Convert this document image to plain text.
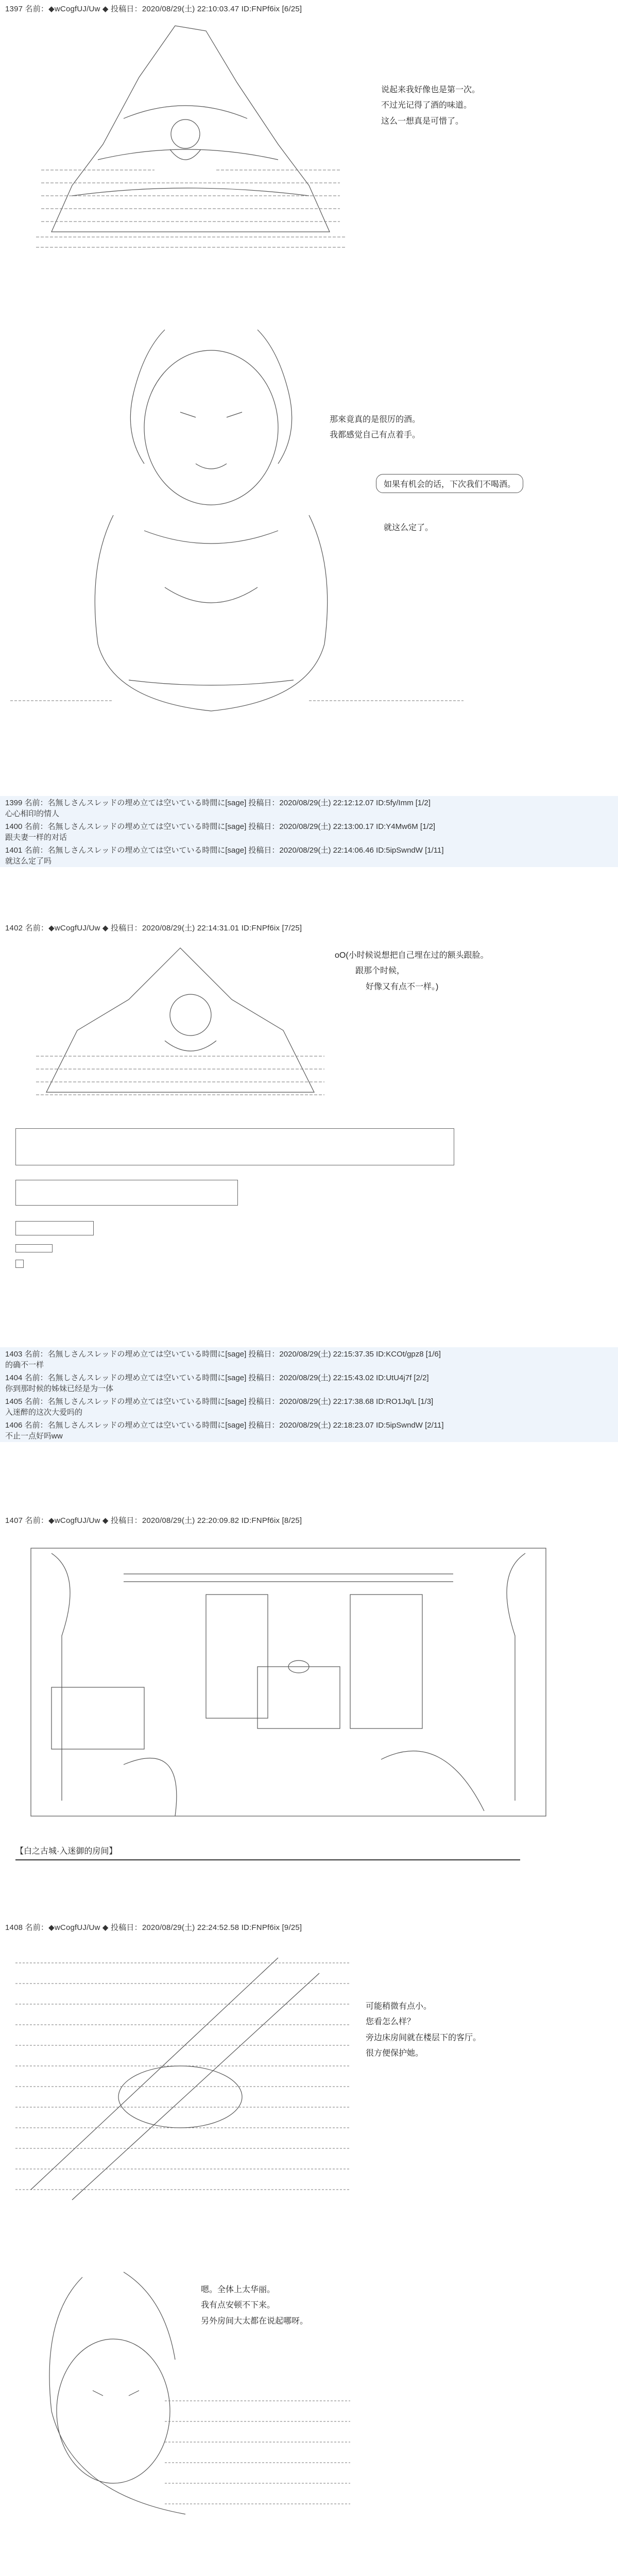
1397 名前：◆wCogfUJ/Uw ◆ 投稿日：2020/08/29(土) 22:10:03.47 ID:FNPf6ix [6/25]
说起来我好像也是第一次。
不过光记得了酒的味道。
这么一想真是可惜了。
那來竟真的是很厉的酒。
我都感觉自己有点着手。
如果有机会的话，下次我们不喝酒。
就这么定了。
1399 名前：名無しさんスレッドの埋め立ては空いている時間に[sage] 投稿日：2020/08/29(土) 22:12:12.07 ID:5fy/Imm [1/2]
心心相印的情人
1400 名前：名無しさんスレッドの埋め立ては空いている時間に[sage] 投稿日：2020/08/29(土) 22:13:00.17 ID:Y4Mw6M [1/2]
跟夫妻一样的对话
1401 名前：名無しさんスレッドの埋め立ては空いている時間に[sage] 投稿日：2020/08/29(土) 22:14:06.46 ID:5ipSwndW [1/11]
就这么定了吗
1402 名前：◆wCogfUJ/Uw ◆ 投稿日：2020/08/29(土) 22:14:31.01 ID:FNPf6ix [7/25]
oO(小时候说想把自己埋在过的额头跟脸。
跟那个时候，
好像又有点不一样。)
1403 名前：名無しさんスレッドの埋め立ては空いている時間に[sage] 投稿日：2020/08/29(土) 22:15:37.35 ID:KCOt/gpz8 [1/6]
的确不一样
1404 名前：名無しさんスレッドの埋め立ては空いている時間に[sage] 投稿日：2020/08/29(土) 22:15:43.02 ID:UtU4j7f [2/2]
你到那时候的姊妹已经是为一体
1405 名前：名無しさんスレッドの埋め立ては空いている時間に[sage] 投稿日：2020/08/29(土) 22:17:38.68 ID:RO1Jq/L [1/3]
入迷醉的这次大爱吗的
1406 名前：名無しさんスレッドの埋め立ては空いている時間に[sage] 投稿日：2020/08/29(土) 22:18:23.07 ID:5ipSwndW [2/11]
不止一点好吗ww
1407 名前：◆wCogfUJ/Uw ◆ 投稿日：2020/08/29(土) 22:20:09.82 ID:FNPf6ix [8/25]
【白之古城·入迷御的房间】
1408 名前：◆wCogfUJ/Uw ◆ 投稿日：2020/08/29(土) 22:24:52.58 ID:FNPf6ix [9/25]
可能稍微有点小。
您看怎么样？
旁边床房间就在楼层下的客厅。
很方便保护她。
嗯。全体上太华丽。
我有点安顿不下来。
另外房间大太都在说起哪呀。
